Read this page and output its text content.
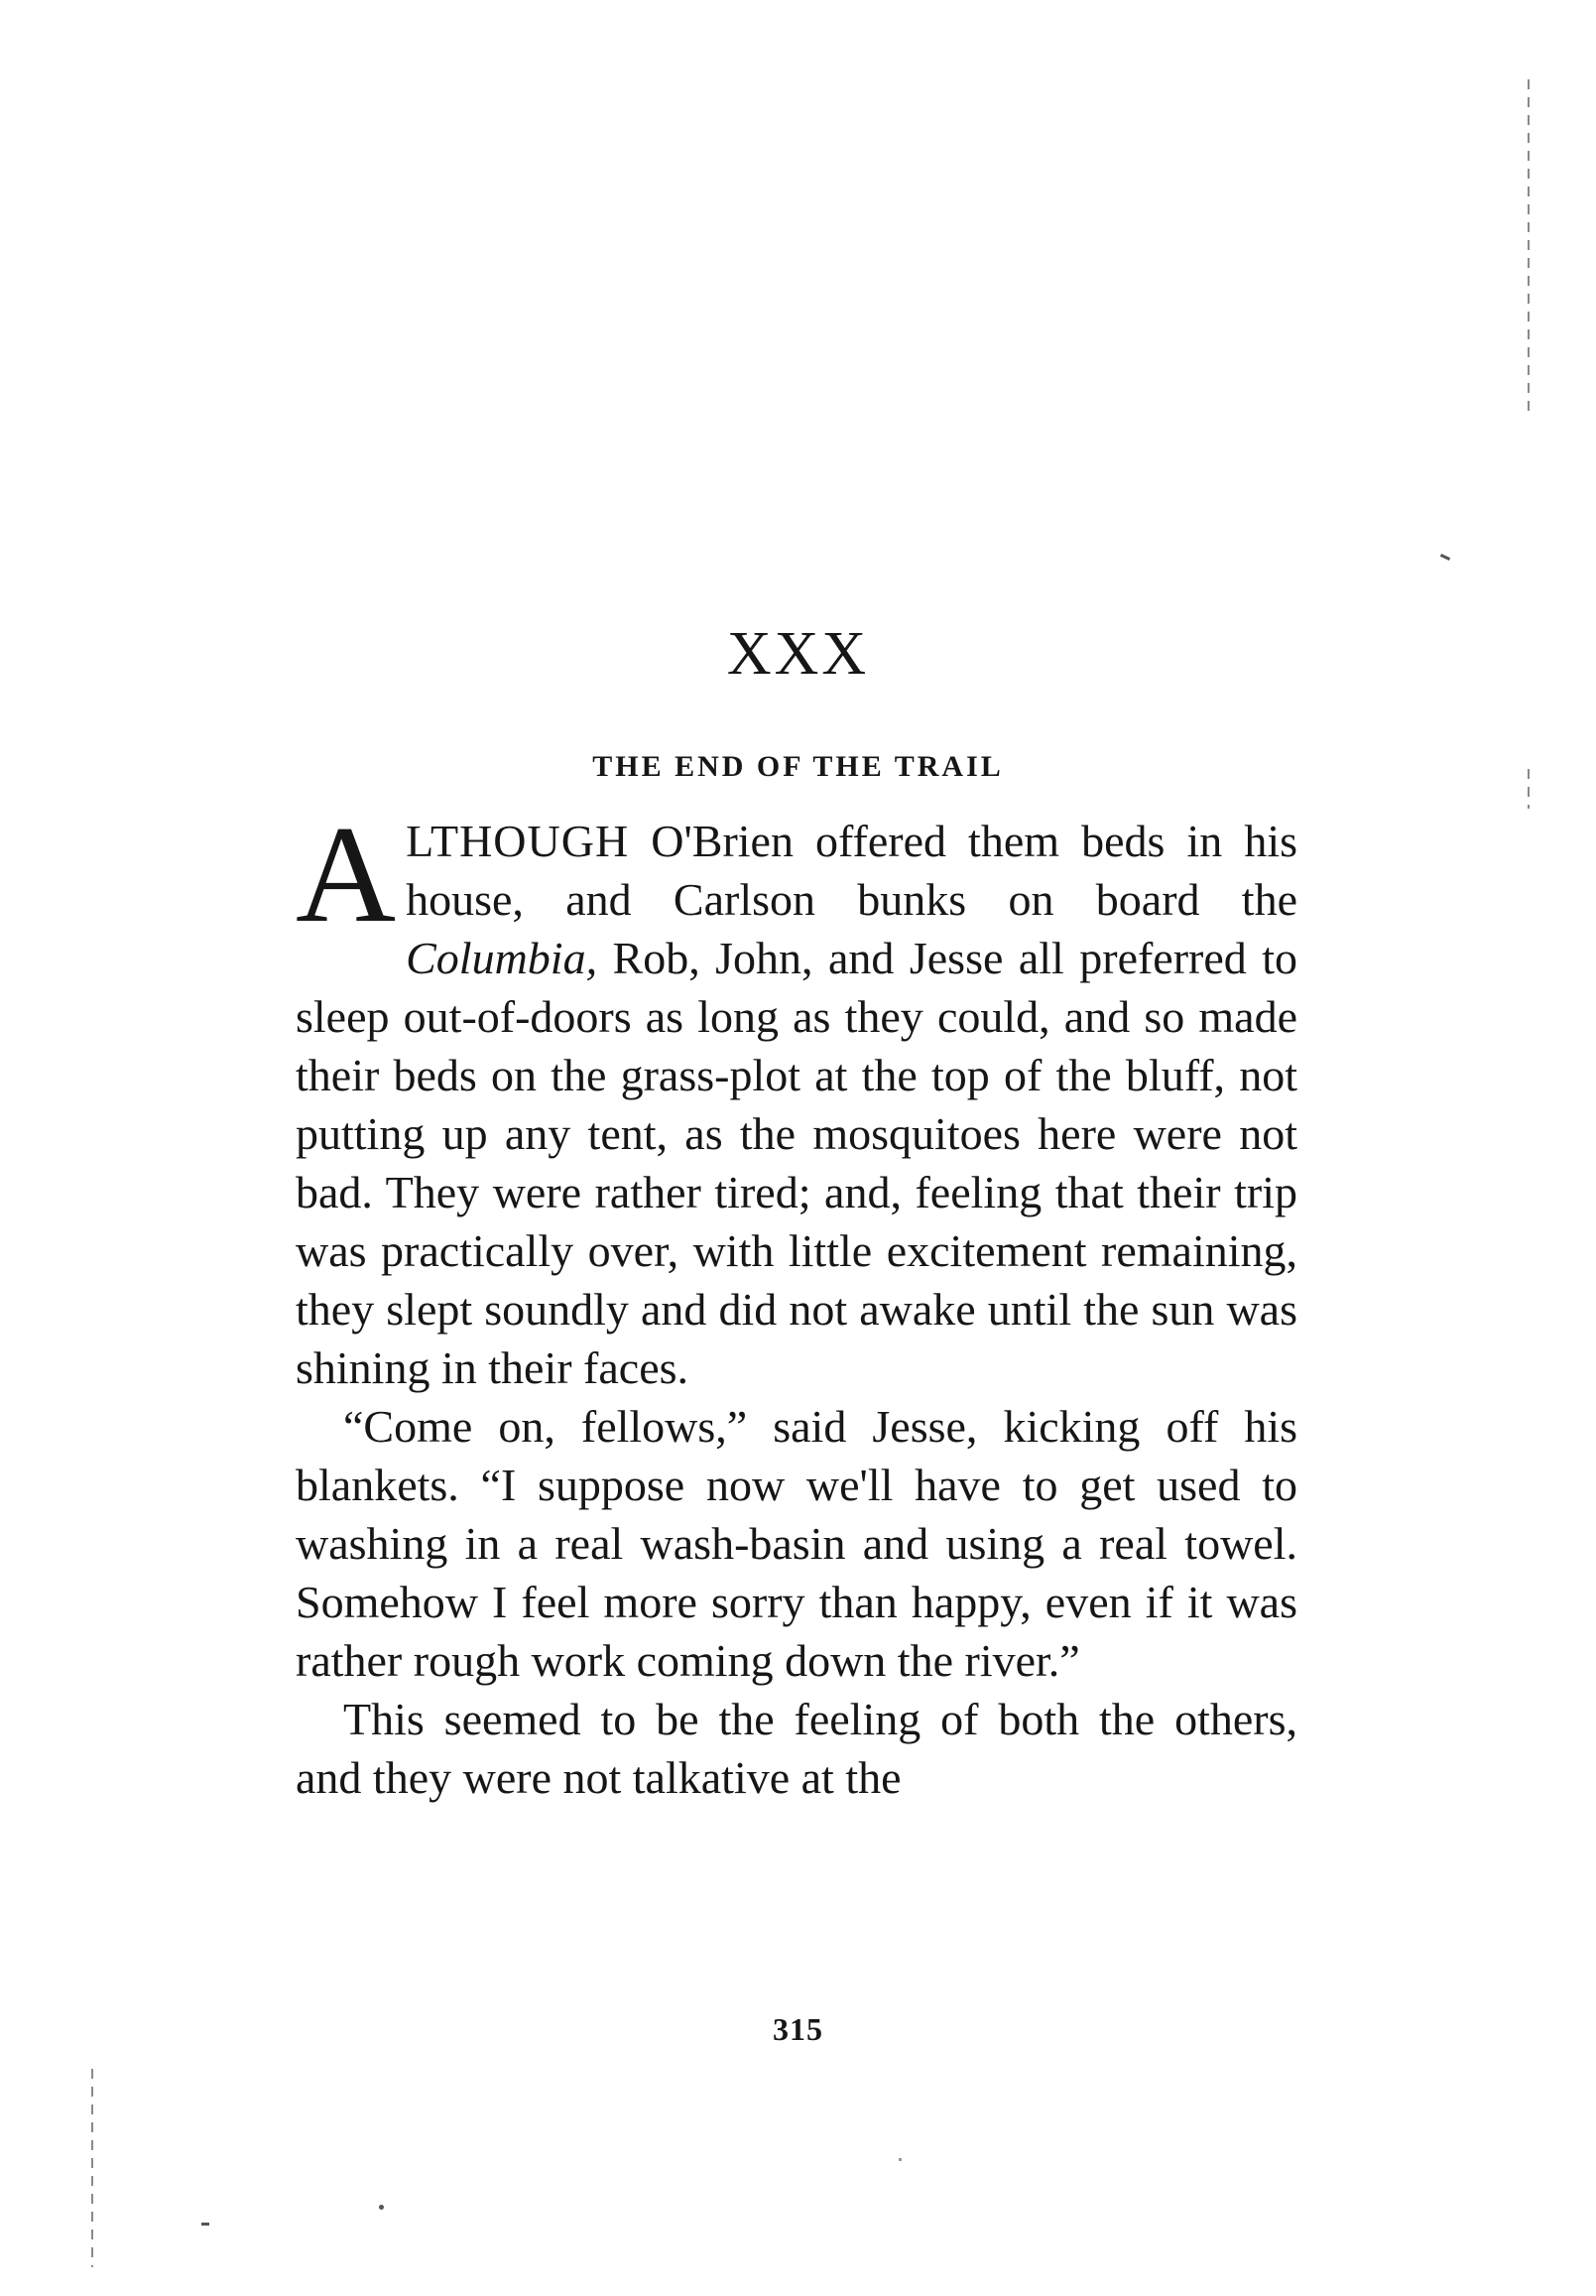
XXX
THE END OF THE TRAIL

ALTHOUGH O'Brien offered them beds in his house, and Carlson bunks on board the Columbia, Rob, John, and Jesse all preferred to sleep out-of-doors as long as they could, and so made their beds on the grass-plot at the top of the bluff, not putting up any tent, as the mosquitoes here were not bad. They were rather tired; and, feeling that their trip was practically over, with little excitement remaining, they slept soundly and did not awake until the sun was shining in their faces.

“Come on, fellows,” said Jesse, kicking off his blankets. “I suppose now we'll have to get used to washing in a real wash-basin and using a real towel. Somehow I feel more sorry than happy, even if it was rather rough work coming down the river.”

This seemed to be the feeling of both the others, and they were not talkative at the

315
